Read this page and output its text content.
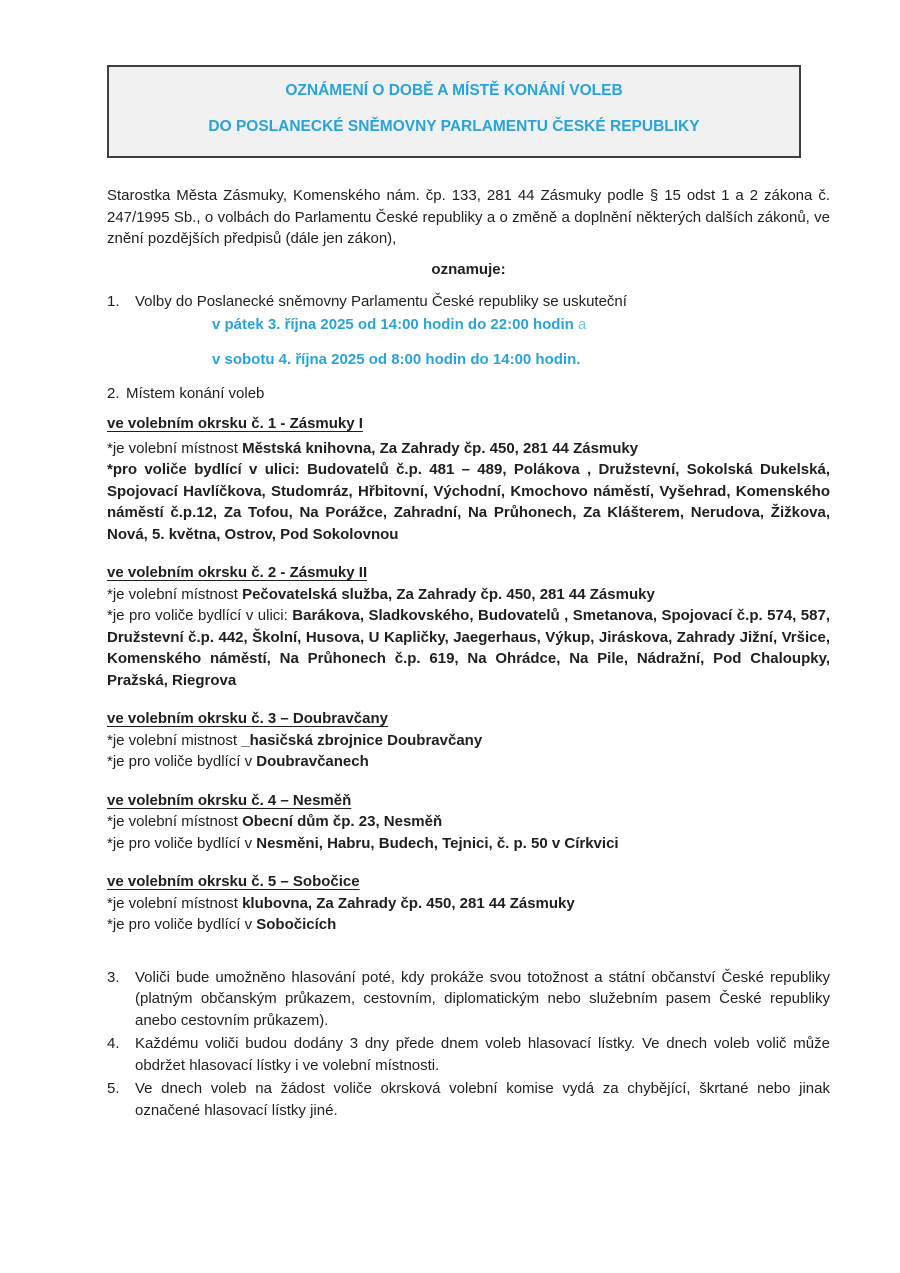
OZNÁMENÍ O DOBĚ A MÍSTĚ KONÁNÍ VOLEB
DO POSLANECKÉ SNĚMOVNY PARLAMENTU ČESKÉ REPUBLIKY

Starostka Města Zásmuky, Komenského nám. čp. 133, 281 44 Zásmuky podle § 15 odst 1 a 2 zákona č. 247/1995 Sb., o volbách do Parlamentu České republiky a o změně a doplnění některých dalších zákonů, ve znění pozdějších předpisů (dále jen zákon),

oznamuje:

1. Volby do Poslanecké sněmovny Parlamentu České republiky se uskuteční

v pátek 3. října 2025 od 14:00 hodin do 22:00 hodin a

v sobotu 4. října 2025 od 8:00 hodin do 14:00 hodin.

2. Místem konání voleb
ve volebním okrsku č. 1 - Zásmuky I

*je volební místnost Městská knihovna, Za Zahrady čp. 450, 281 44 Zásmuky

*pro voliče bydlící v ulici: Budovatelů č.p. 481 – 489, Polákova , Družstevní, Sokolská Dukelská, Spojovací Havlíčkova, Studomráz, Hřbitovní, Východní, Kmochovo náměstí, Vyšehrad, Komenského náměstí č.p.12, Za Tofou, Na Porážce, Zahradní, Na Průhonech, Za Klášterem, Nerudova, Žižkova, Nová, 5. května, Ostrov, Pod Sokolovnou

ve volebním okrsku č. 2 - Zásmuky II

*je volební místnost Pečovatelská služba, Za Zahrady čp. 450, 281 44 Zásmuky

*je pro voliče bydlící v ulici: Barákova, Sladkovského, Budovatelů , Smetanova, Spojovací č.p. 574, 587, Družstevní č.p. 442, Školní, Husova, U Kapličky, Jaegerhaus, Výkup, Jiráskova, Zahrady Jižní, Vršice, Komenského náměstí, Na Průhonech č.p. 619, Na Ohrádce, Na Pile, Nádražní, Pod Chaloupky, Pražská, Riegrova

ve volebním okrsku č. 3 – Doubravčany

*je volební mistnost _hasičská zbrojnice Doubravčany

*je pro voliče bydlící v Doubravčanech

ve volebním okrsku č. 4 – Nesměň

*je volební místnost Obecní dům čp. 23, Nesměň

*je pro voliče bydlící v Nesměni, Habru, Budech, Tejnici, č. p. 50 v Církvici

ve volebním okrsku č. 5 – Sobočice

*je volební místnost klubovna, Za Zahrady čp. 450, 281 44 Zásmuky

*je pro voliče bydlící v Sobočicích

3. Voliči bude umožněno hlasování poté, kdy prokáže svou totožnost a státní občanství České republiky (platným občanským průkazem, cestovním, diplomatickým nebo služebním pasem České republiky anebo cestovním průkazem).
4. Každému voliči budou dodány 3 dny přede dnem voleb hlasovací lístky. Ve dnech voleb volič může obdržet hlasovací lístky i ve volební místnosti.
5. Ve dnech voleb na žádost voliče okrsková volební komise vydá za chybějící, škrtané nebo jinak označené hlasovací lístky jiné.
